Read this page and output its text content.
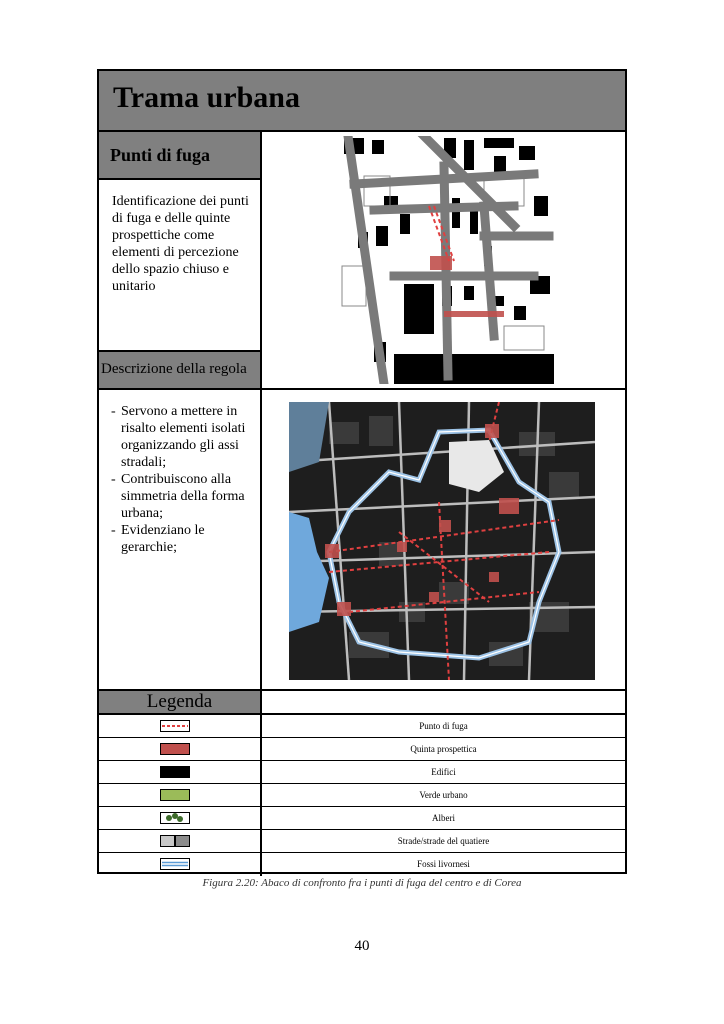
Trama urbana
Punti di fuga
Identificazione dei punti di fuga e delle quinte prospettiche come elementi di percezione dello spazio chiuso e unitario
Descrizione della regola
- Servono a mettere in risalto elementi isolati organizzando gli assi stradali;
- Contribuiscono alla simmetria della forma urbana;
- Evidenziano le gerarchie;
Legenda
Punto di fuga
Quinta prospettica
Edifici
Verde urbano
Alberi
Strade/strade del quatiere
Fossi livornesi
Figura 2.20: Abaco di confronto fra i punti di fuga del centro e di Corea
40
